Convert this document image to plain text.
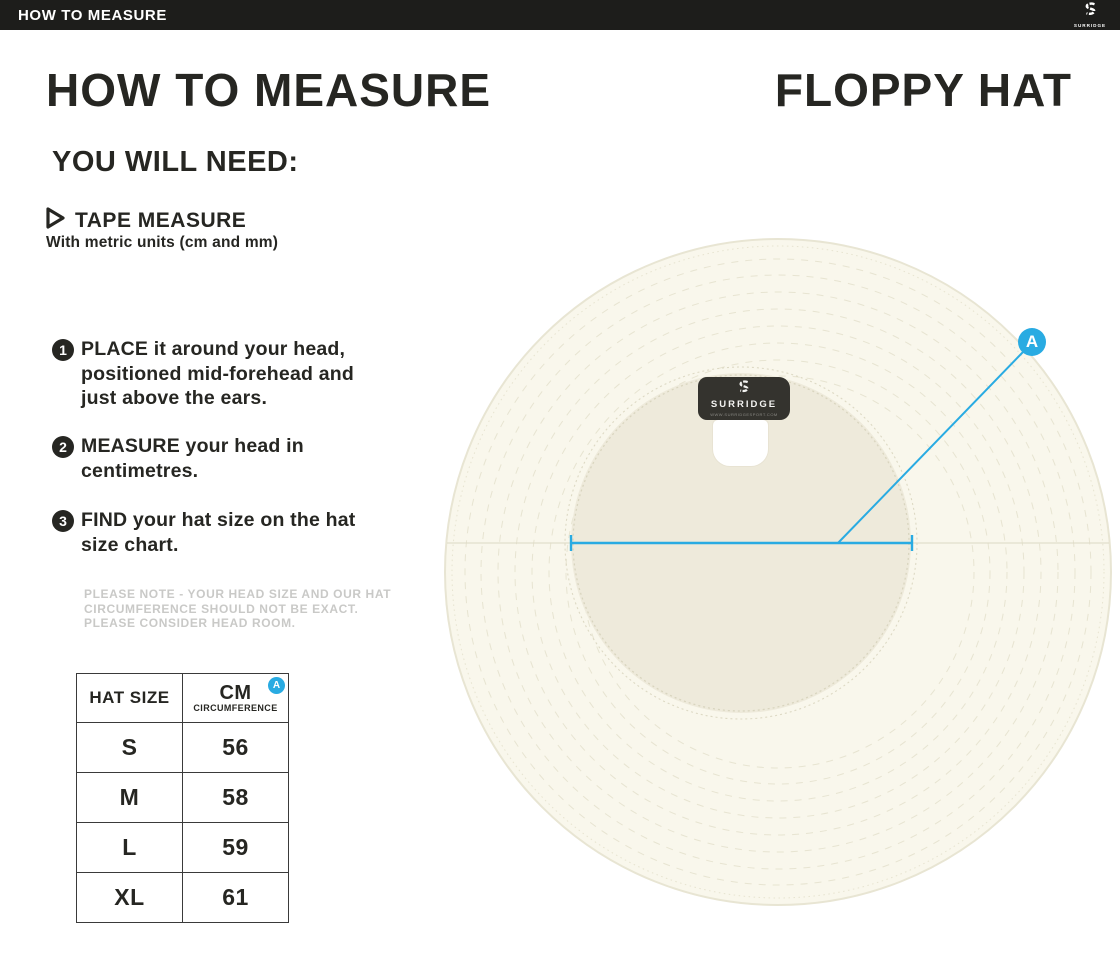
HOW TO MEASURE
SURRIDGE
HOW TO MEASURE	FLOPPY HAT
YOU WILL NEED:
TAPE MEASURE
With metric units (cm and mm)
1 PLACE it around your head,
positioned mid-forehead and
just above the ears.
2 MEASURE your head in
centimetres.
3 FIND your hat size on the hat
size chart.
PLEASE NOTE - YOUR HEAD SIZE AND OUR HAT
CIRCUMFERENCE SHOULD NOT BE EXACT.
PLEASE CONSIDER HEAD ROOM.
HAT SIZE	CM
CIRCUMFERENCE
A

S	56
M	58
L	59
XL	61
SURRIDGE
WWW.SURRIDGESPORT.COM
A
